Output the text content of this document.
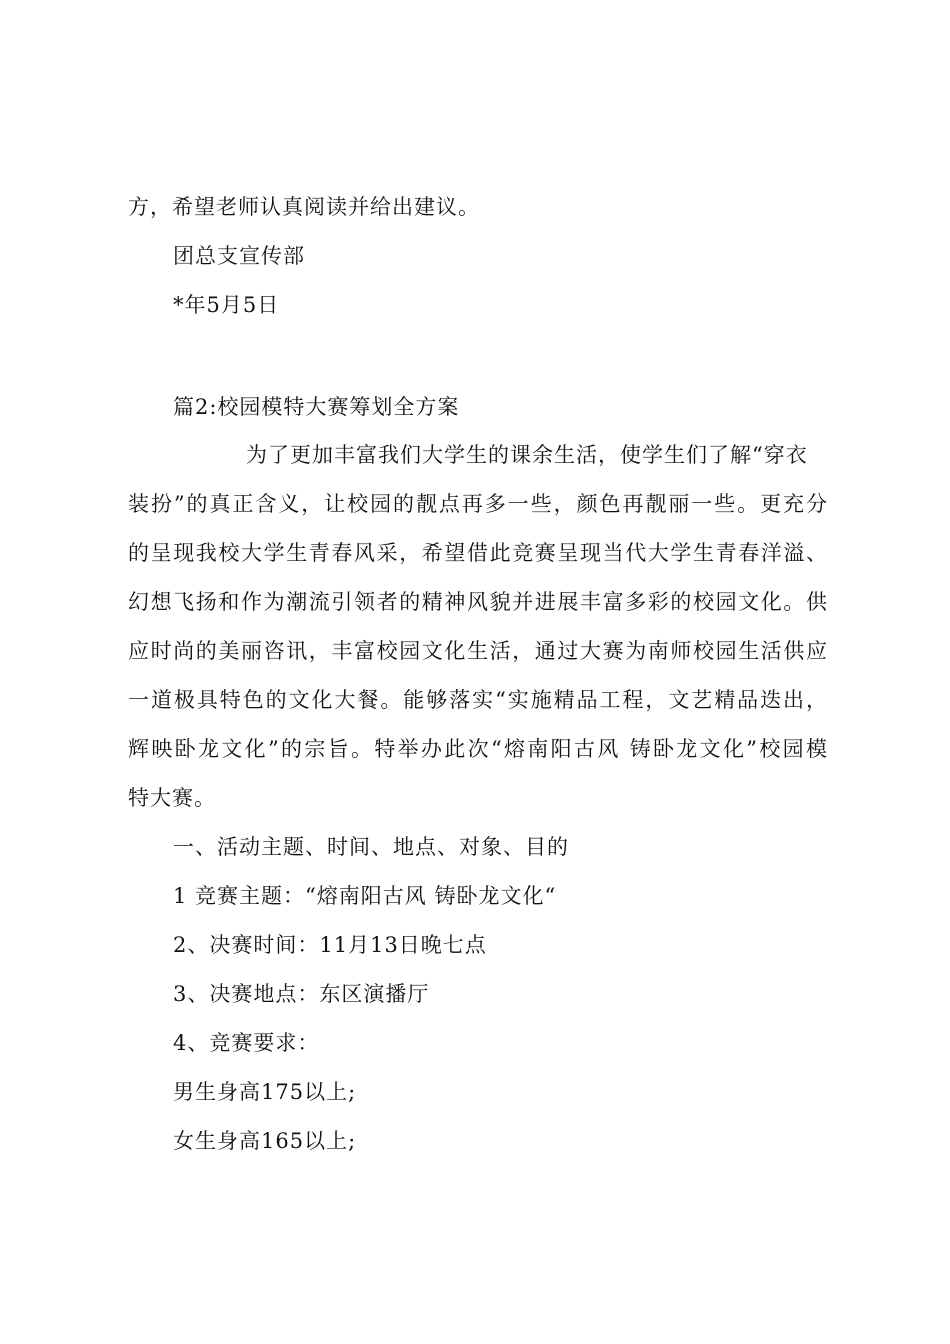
方，希望老师认真阅读并给出建议。
团总支宣传部
*年5月5日
篇2:校园模特大赛筹划全方案
为了更加丰富我们大学生的课余生活，使学生们了解“穿衣
装扮”的真正含义，让校园的靓点再多一些，颜色再靓丽一些。更充分
的呈现我校大学生青春风采，希望借此竞赛呈现当代大学生青春洋溢、
幻想飞扬和作为潮流引领者的精神风貌并进展丰富多彩的校园文化。供
应时尚的美丽咨讯，丰富校园文化生活，通过大赛为南师校园生活供应
一道极具特色的文化大餐。能够落实“实施精品工程，文艺精品迭出，
辉映卧龙文化”的宗旨。特举办此次“熔南阳古风 铸卧龙文化”校园模
特大赛。
一、活动主题、时间、地点、对象、目的
1 竞赛主题：“熔南阳古风 铸卧龙文化“
2、决赛时间：11月13日晚七点
3、决赛地点：东区演播厅
4、竞赛要求：
男生身高175以上;
女生身高165以上;
